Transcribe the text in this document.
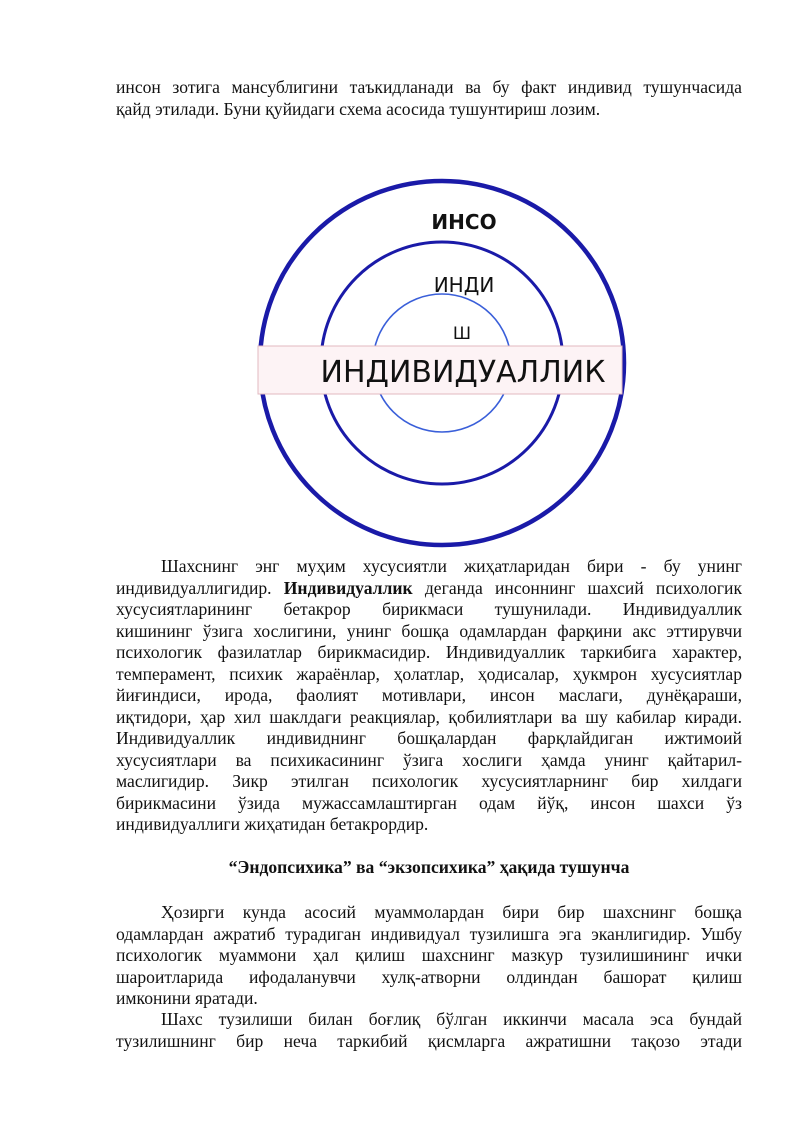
инсон зотига мансублигини таъкидланади ва бу факт индивид тушунчасида
қайд этилади. Буни қуйидаги схема асосида тушунтириш лозим.
ИНСО
ИНДИ
Ш
ИНДИВИДУАЛЛИК
Шахснинг энг муҳим хусусиятли жиҳатларидан бири - бу унинг
индивидуаллигидир. Индивидуаллик деганда инсоннинг шахсий психологик
хусусиятларининг бетакрор бирикмаси тушунилади. Индивидуаллик
кишининг ўзига хослигини, унинг бошқа одамлардан фарқини акс эттирувчи
психологик фазилатлар бирикмасидир. Индивидуаллик таркибига характер,
темперамент, психик жараёнлар, ҳолатлар, ҳодисалар, ҳукмрон хусусиятлар
йиғиндиси, ирода, фаолият мотивлари, инсон маслаги, дунёқараши,
иқтидори, ҳар хил шаклдаги реакциялар, қобилиятлари ва шу кабилар киради.
Индивидуаллик индивиднинг бошқалардан фарқлайдиган ижтимоий
хусусиятлари ва психикасининг ўзига хослиги ҳамда унинг қайтарил-
маслигидир. Зикр этилган психологик хусусиятларнинг бир хилдаги
бирикмасини ўзида мужассамлаштирган одам йўқ, инсон шахси ўз
индивидуаллиги жиҳатидан бетакрордир.
“Эндопсихика” ва “экзопсихика” ҳақида тушунча
Ҳозирги кунда асосий муаммолардан бири бир шахснинг бошқа
одамлардан ажратиб турадиган индивидуал тузилишга эга эканлигидир. Ушбу
психологик муаммони ҳал қилиш шахснинг мазкур тузилишининг ички
шароитларида ифодаланувчи хулқ-атворни олдиндан башорат қилиш
имконини яратади.
Шахс тузилиши билан боғлиқ бўлган иккинчи масала эса бундай
тузилишнинг бир неча таркибий қисмларга ажратишни тақозо этади
